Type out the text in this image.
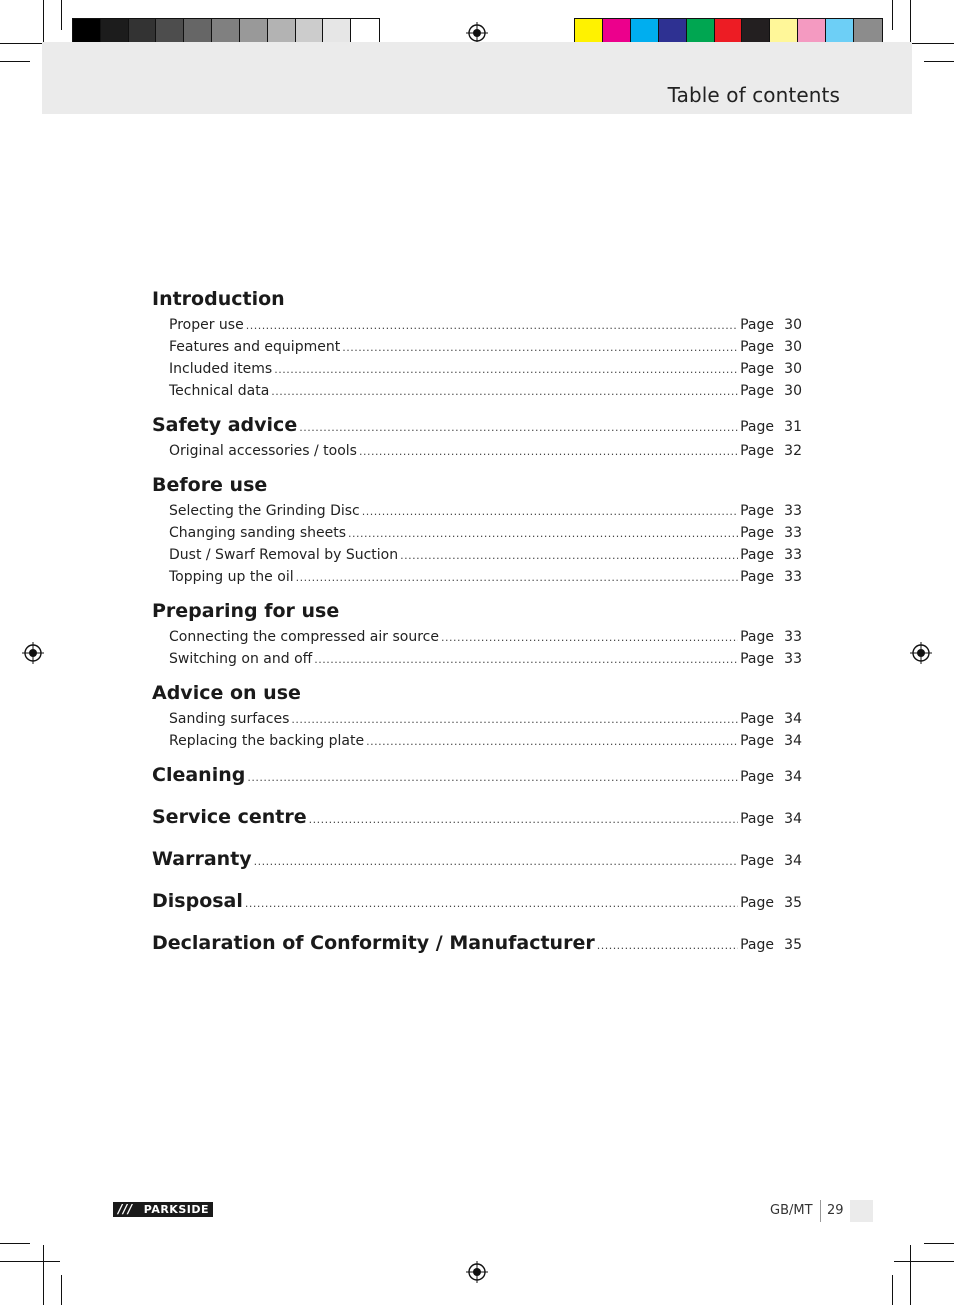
Table of contents
Introduction
Proper use .....	Page 30
Features and equipment .....	Page 30
Included items .....	Page 30
Technical data .....	Page 30
Safety advice .....	Page 31
Original accessories / tools .....	Page 32
Before use
Selecting the Grinding Disc .....	Page 33
Changing sanding sheets .....	Page 33
Dust / Swarf Removal by Suction .....	Page 33
Topping up the oil .....	Page 33
Preparing for use
Connecting the compressed air source .....	Page 33
Switching on and off .....	Page 33
Advice on use
Sanding surfaces .....	Page 34
Replacing the backing plate .....	Page 34
Cleaning .....	Page 34
Service centre .....	Page 34
Warranty .....	Page 34
Disposal .....	Page 35
Declaration of Conformity / Manufacturer .....	Page 35
/// PARKSIDE	GB/MT 29
